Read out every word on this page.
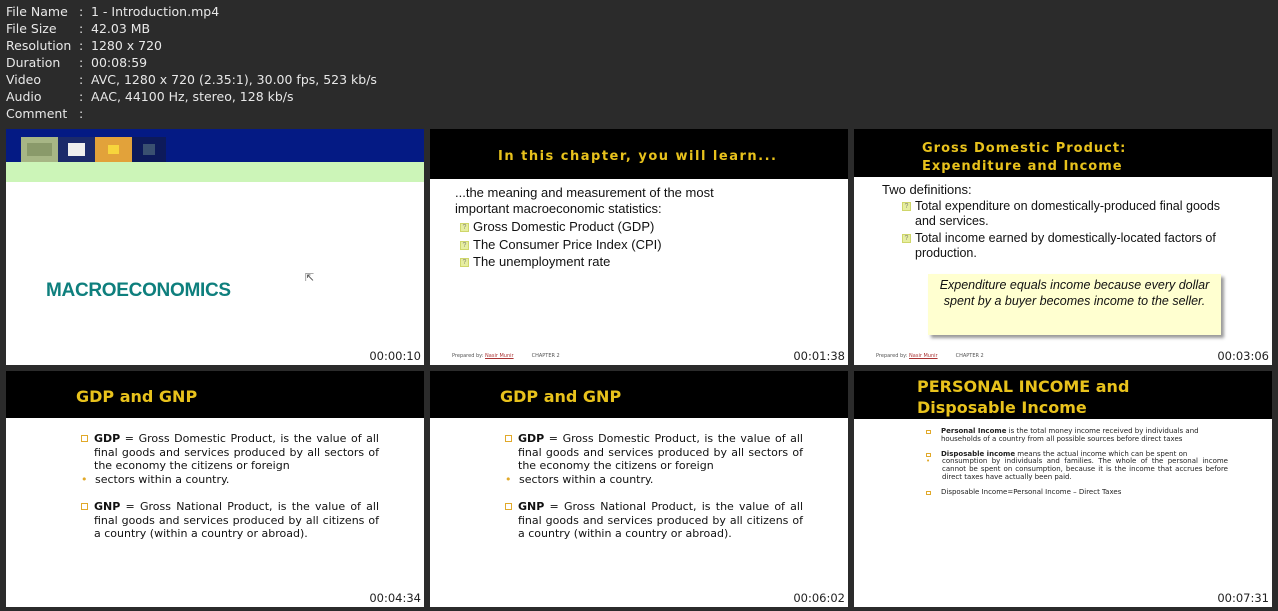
File Name : 1 - Introduction.mp4
File Size	: 42.03 MB
Resolution : 1280 x 720
Duration	: 00:08:59
Video	: AVC, 1280 x 720 (2.35:1), 30.00 fps, 523 kb/s
Audio	: AAC, 44100 Hz, stereo, 128 kb/s
Comment :
MACROECONOMICS
⇱
00:00:10
In this chapter, you will learn...
...the meaning and measurement of the most important macroeconomic statistics:
? Gross Domestic Product (GDP)
? The Consumer Price Index (CPI)
? The unemployment rate
Prepared by: Nasir Munir	CHAPTER 2	00:01:38
Gross Domestic Product:
Expenditure and Income
Two definitions:
? Total expenditure on domestically-produced final goods and services.
? Total income earned by domestically-located factors of production.
Expenditure equals income because every dollar spent by a buyer becomes income to the seller.
Prepared by: Nasir Munir	CHAPTER 2	00:03:06
GDP and GNP
GDP = Gross Domestic Product, is the value of all final goods and services produced by all sectors of the economy the citizens or foreign
• sectors within a country.
GNP = Gross National Product, is the value of all final goods and services produced by all citizens of a country (within a country or abroad).
00:04:34
GDP and GNP
GDP = Gross Domestic Product, is the value of all final goods and services produced by all sectors of the economy the citizens or foreign
• sectors within a country.
GNP = Gross National Product, is the value of all final goods and services produced by all citizens of a country (within a country or abroad).
00:06:02
PERSONAL INCOME and
Disposable Income
Personal Income is the total money income received by individuals and households of a country from all possible sources before direct taxes
Disposable income means the actual income which can be spent on
•	consumption by individuals and families. The whole of the personal income cannot be spent on consumption, because it is the income that accrues before direct taxes have actually been paid.
Disposable Income=Personal Income – Direct Taxes
00:07:31
